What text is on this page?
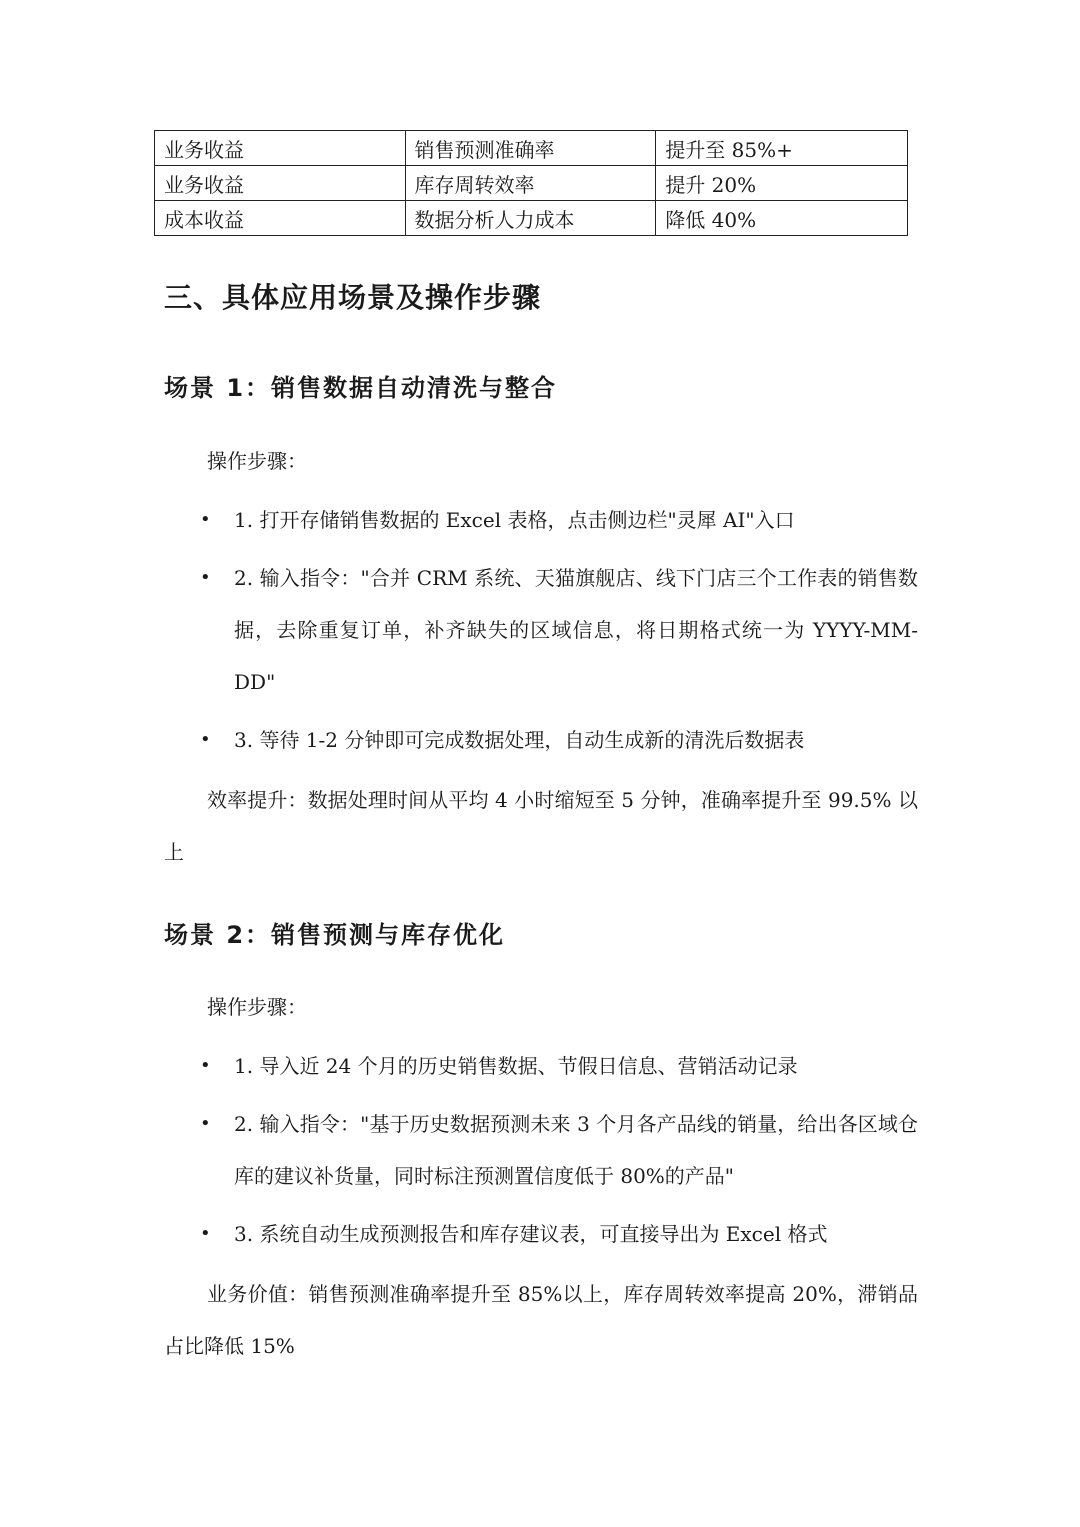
业务收益	销售预测准确率	提升至 85%+
业务收益	库存周转效率	提升 20%
成本收益	数据分析人力成本	降低 40%
三、具体应用场景及操作步骤
场景 1：销售数据自动清洗与整合

操作步骤：

• 1. 打开存储销售数据的 Excel 表格，点击侧边栏"灵犀 AI"入口
• 2. 输入指令："合并 CRM 系统、天猫旗舰店、线下门店三个工作表的销售数据，去除重复订单，补齐缺失的区域信息，将日期格式统一为 YYYY-MM-DD"
• 3. 等待 1-2 分钟即可完成数据处理，自动生成新的清洗后数据表

效率提升：数据处理时间从平均 4 小时缩短至 5 分钟，准确率提升至 99.5% 以上

场景 2：销售预测与库存优化

操作步骤：

• 1. 导入近 24 个月的历史销售数据、节假日信息、营销活动记录
• 2. 输入指令："基于历史数据预测未来 3 个月各产品线的销量，给出各区域仓库的建议补货量，同时标注预测置信度低于 80%的产品"
• 3. 系统自动生成预测报告和库存建议表，可直接导出为 Excel 格式

业务价值：销售预测准确率提升至 85%以上，库存周转效率提高 20%，滞销品占比降低 15%
